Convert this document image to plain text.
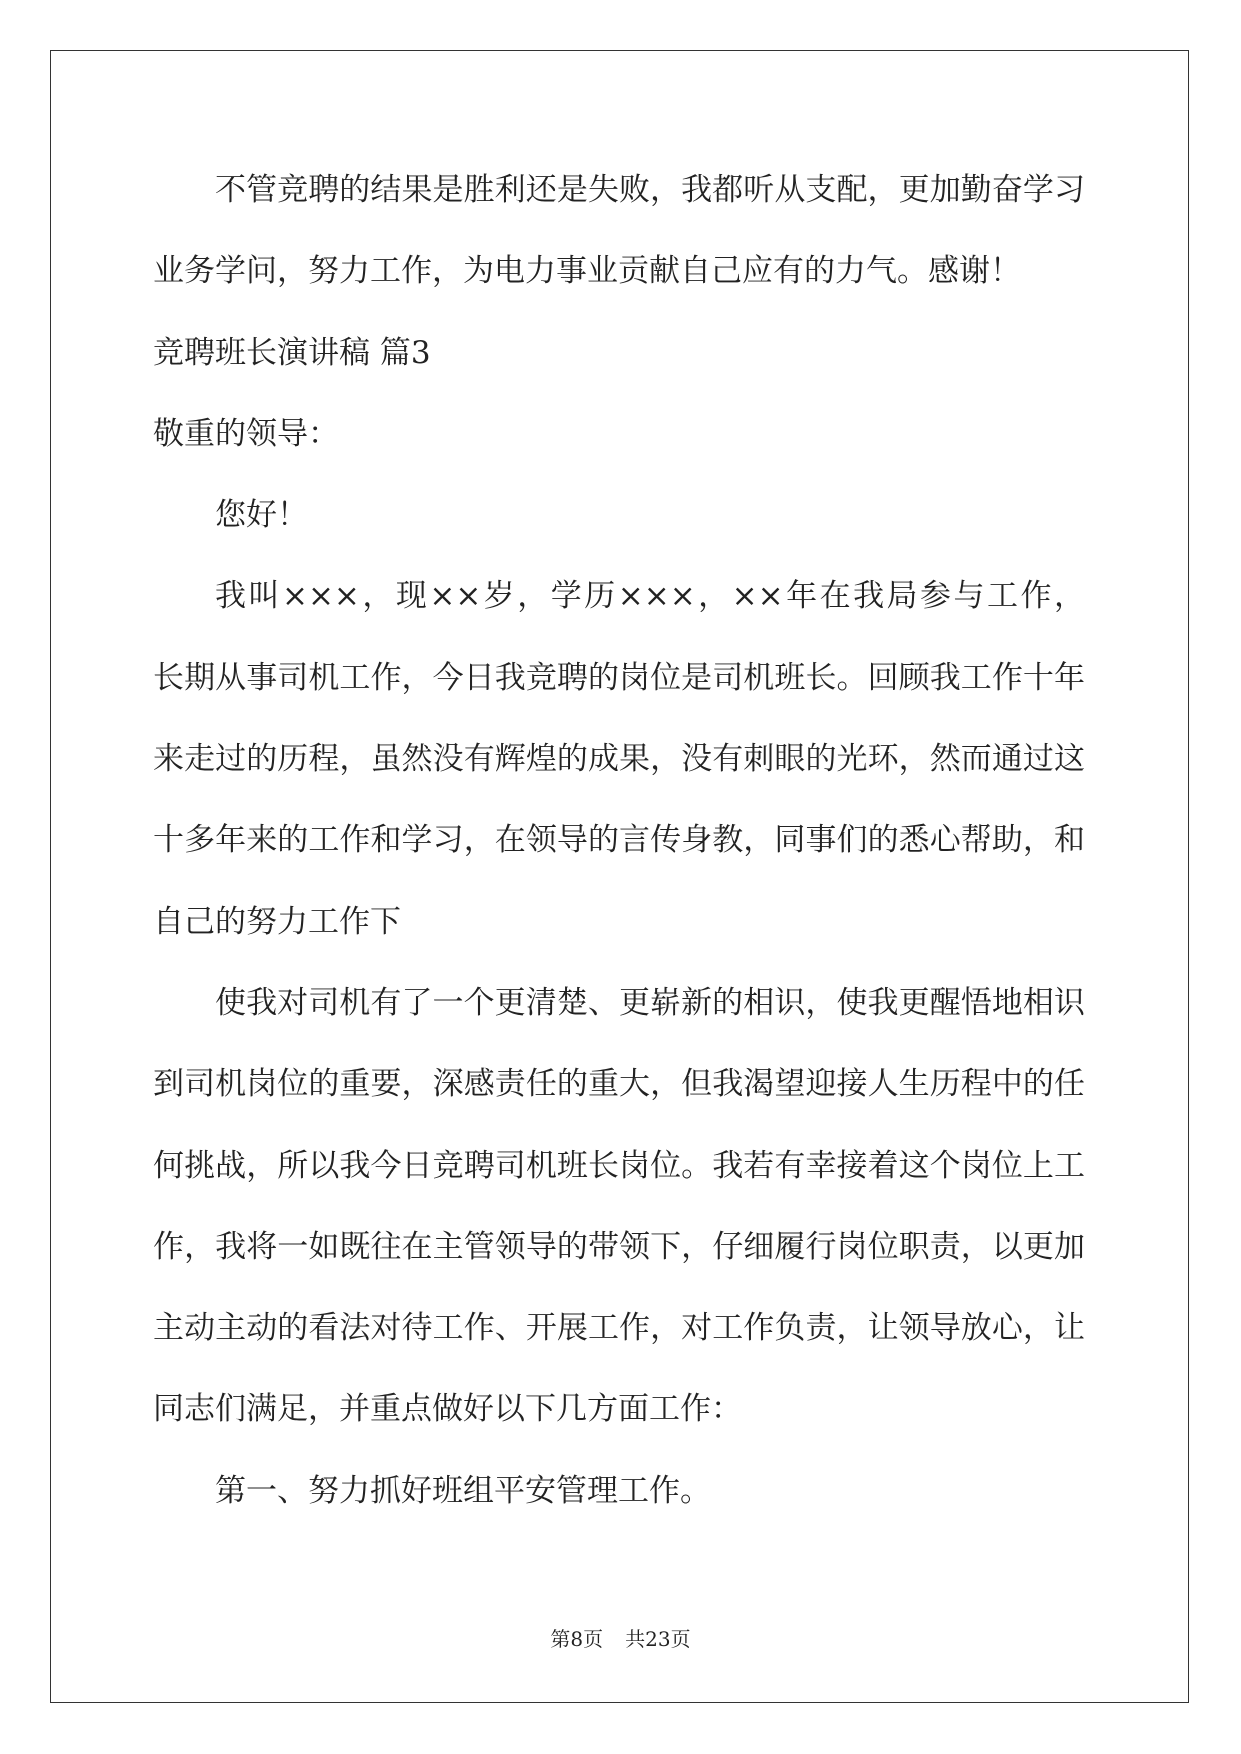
不管竞聘的结果是胜利还是失败，我都听从支配，更加勤奋学习
业务学问，努力工作，为电力事业贡献自己应有的力气。感谢！
竞聘班长演讲稿 篇3
敬重的领导：
您好！
我叫×××，现××岁，学历×××，××年在我局参与工作，
长期从事司机工作，今日我竞聘的岗位是司机班长。回顾我工作十年
来走过的历程，虽然没有辉煌的成果，没有刺眼的光环，然而通过这
十多年来的工作和学习，在领导的言传身教，同事们的悉心帮助，和
自己的努力工作下
使我对司机有了一个更清楚、更崭新的相识，使我更醒悟地相识
到司机岗位的重要，深感责任的重大，但我渴望迎接人生历程中的任
何挑战，所以我今日竞聘司机班长岗位。我若有幸接着这个岗位上工
作，我将一如既往在主管领导的带领下，仔细履行岗位职责，以更加
主动主动的看法对待工作、开展工作，对工作负责，让领导放心，让
同志们满足，并重点做好以下几方面工作：
第一、努力抓好班组平安管理工作。
第8页 共23页
